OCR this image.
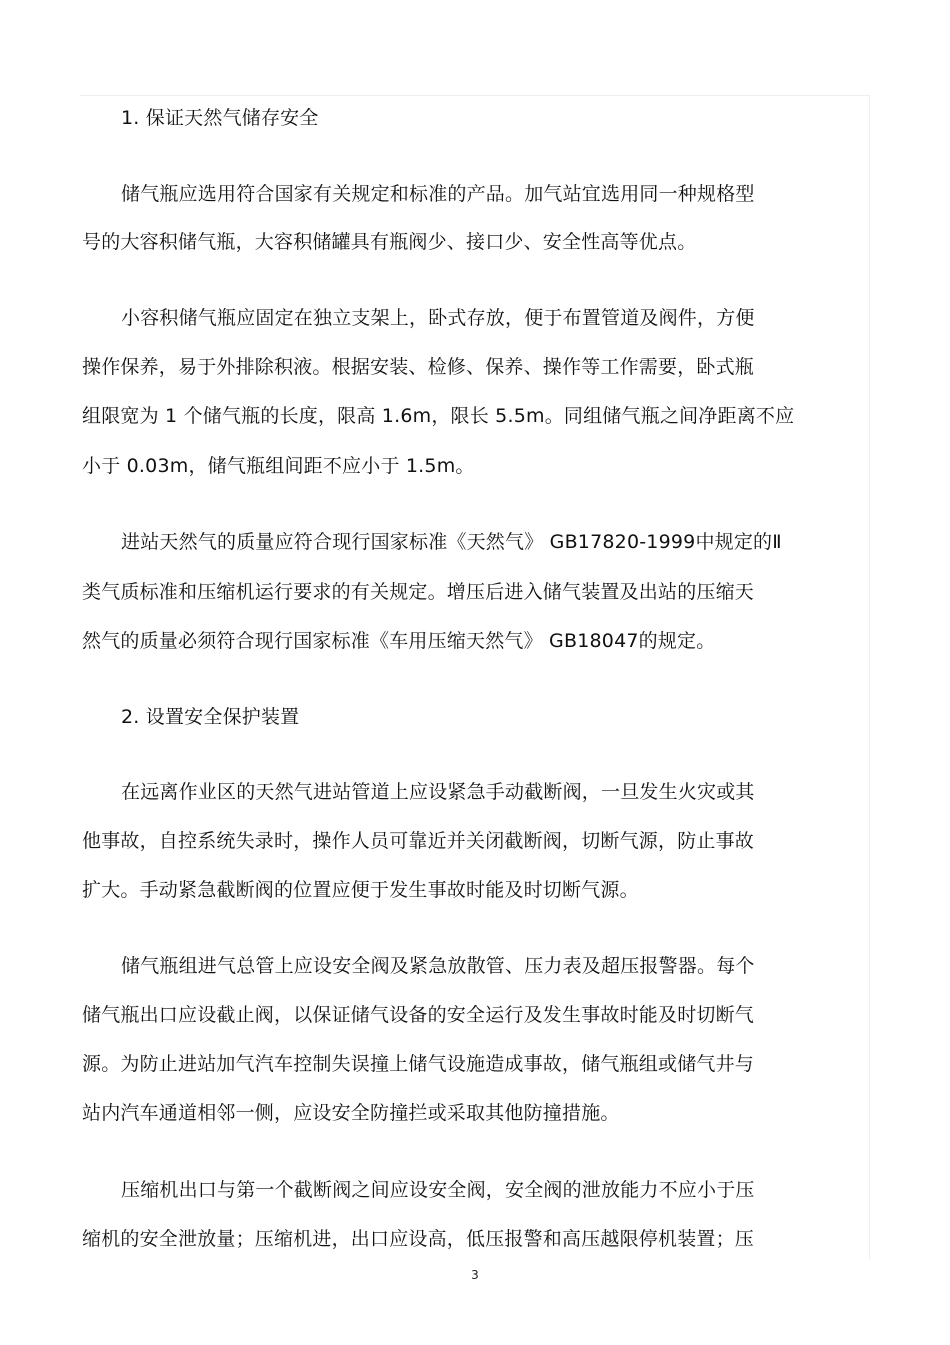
1. 保证天然气储存安全
储气瓶应选用符合国家有关规定和标准的产品。加气站宜选用同一种规格型
号的大容积储气瓶，大容积储罐具有瓶阀少、接口少、安全性高等优点。
小容积储气瓶应固定在独立支架上，卧式存放，便于布置管道及阀件，方便
操作保养，易于外排除积液。根据安装、检修、保养、操作等工作需要，卧式瓶
组限宽为 1 个储气瓶的长度，限高 1.6m，限长 5.5m。同组储气瓶之间净距离不应
小于 0.03m，储气瓶组间距不应小于 1.5m。
进站天然气的质量应符合现行国家标准《天然气》 GB17820-1999中规定的Ⅱ
类气质标准和压缩机运行要求的有关规定。增压后进入储气装置及出站的压缩天
然气的质量必须符合现行国家标准《车用压缩天然气》 GB18047的规定。
2. 设置安全保护装置
在远离作业区的天然气进站管道上应设紧急手动截断阀，一旦发生火灾或其
他事故，自控系统失录时，操作人员可靠近并关闭截断阀，切断气源，防止事故
扩大。手动紧急截断阀的位置应便于发生事故时能及时切断气源。
储气瓶组进气总管上应设安全阀及紧急放散管、压力表及超压报警器。每个
储气瓶出口应设截止阀，以保证储气设备的安全运行及发生事故时能及时切断气
源。为防止进站加气汽车控制失误撞上储气设施造成事故，储气瓶组或储气井与
站内汽车通道相邻一侧，应设安全防撞拦或采取其他防撞措施。
压缩机出口与第一个截断阀之间应设安全阀，安全阀的泄放能力不应小于压
缩机的安全泄放量；压缩机进，出口应设高，低压报警和高压越限停机装置；压
3
